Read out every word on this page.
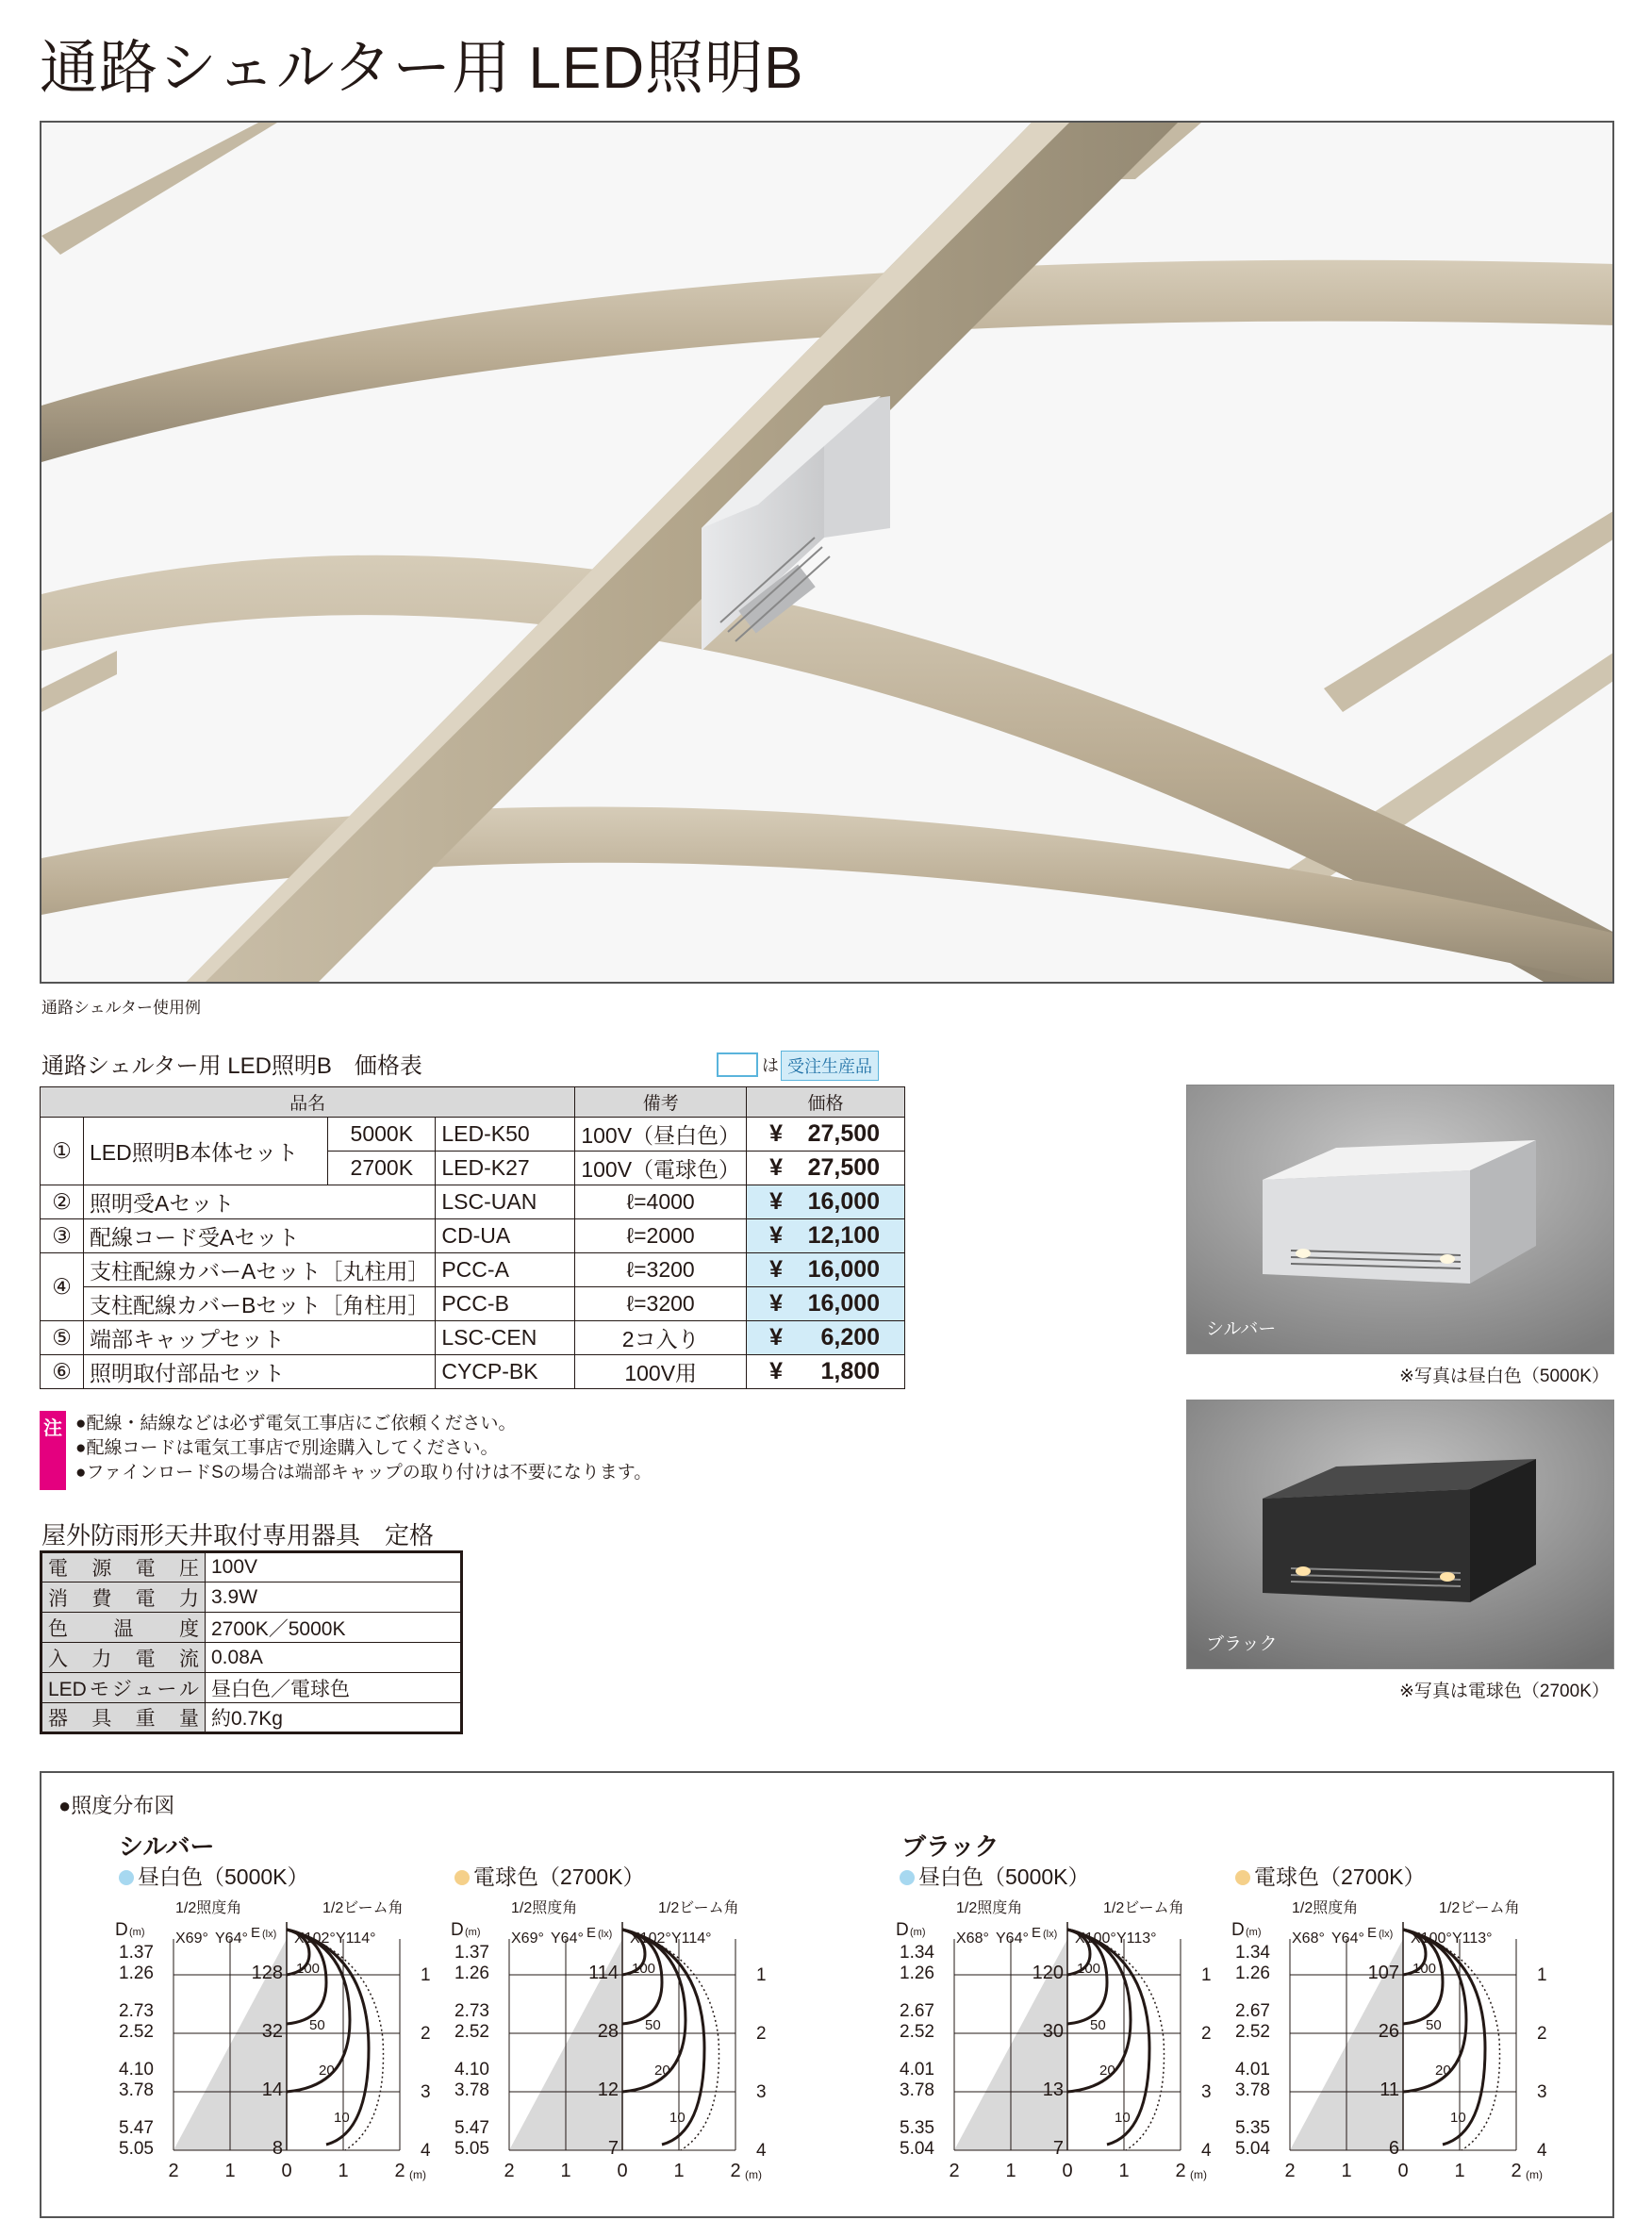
通路シェルター用 LED照明B
通路シェルター使用例
通路シェルター用 LED照明B　価格表	は 受注生産品
品名				備考	価格
①	LED照明B本体セット	5000K	LED-K50	100V（昼白色）	¥ 27,500
		2700K	LED-K27	100V（電球色）	¥ 27,500
②	照明受Aセット		LSC-UAN	ℓ=4000	¥ 16,000
③	配線コード受Aセット		CD-UA	ℓ=2000	¥ 12,100
④	支柱配線カバーAセット［丸柱用］		PCC-A	ℓ=3200	¥ 16,000
	支柱配線カバーBセット［角柱用］		PCC-B	ℓ=3200	¥ 16,000
⑤	端部キャップセット		LSC-CEN	2コ入り	¥ 6,200
⑥	照明取付部品セット		CYCP-BK	100V用	¥ 1,800
注 ●配線・結線などは必ず電気工事店にご依頼ください。
●配線コードは電気工事店で別途購入してください。
●ファインロードSの場合は端部キャップの取り付けは不要になります。
屋外防雨形天井取付専用器具　定格
電源電圧	100V
消費電力	3.9W
色温度	2700K／5000K
入力電流	0.08A
LEDモジュール	昼白色／電球色
器具重量	約0.7Kg
シルバー
※写真は昼白色（5000K）
ブラック
※写真は電球色（2700K）
●照度分布図
シルバー	ブラック
昼白色（5000K）
1/2照度角	1/2ビーム角
D (m) X69° Y64° E (lx) X102° Y114°
100
50
20
10
1.37
1.26
2.73
2.52
4.10
3.78
5.47
5.05
128
32
14
8
1
2
3
4
2 1 0 1 2 (m)
電球色（2700K）
1/2照度角	1/2ビーム角
D (m) X69° Y64° E (lx) X102° Y114°
100
50
20
10
1.37
1.26
2.73
2.52
4.10
3.78
5.47
5.05
114
28
12
7
1
2
3
4
2 1 0 1 2 (m)
昼白色（5000K）
1/2照度角	1/2ビーム角
D (m) X68° Y64° E (lx) X100° Y113°
100
50
20
10
1.34
1.26
2.67
2.52
4.01
3.78
5.35
5.04
120
30
13
7
1
2
3
4
2 1 0 1 2 (m)
電球色（2700K）
1/2照度角	1/2ビーム角
D (m) X68° Y64° E (lx) X100° Y113°
100
50
20
10
1.34
1.26
2.67
2.52
4.01
3.78
5.35
5.04
107
26
11
6
1
2
3
4
2 1 0 1 2 (m)
